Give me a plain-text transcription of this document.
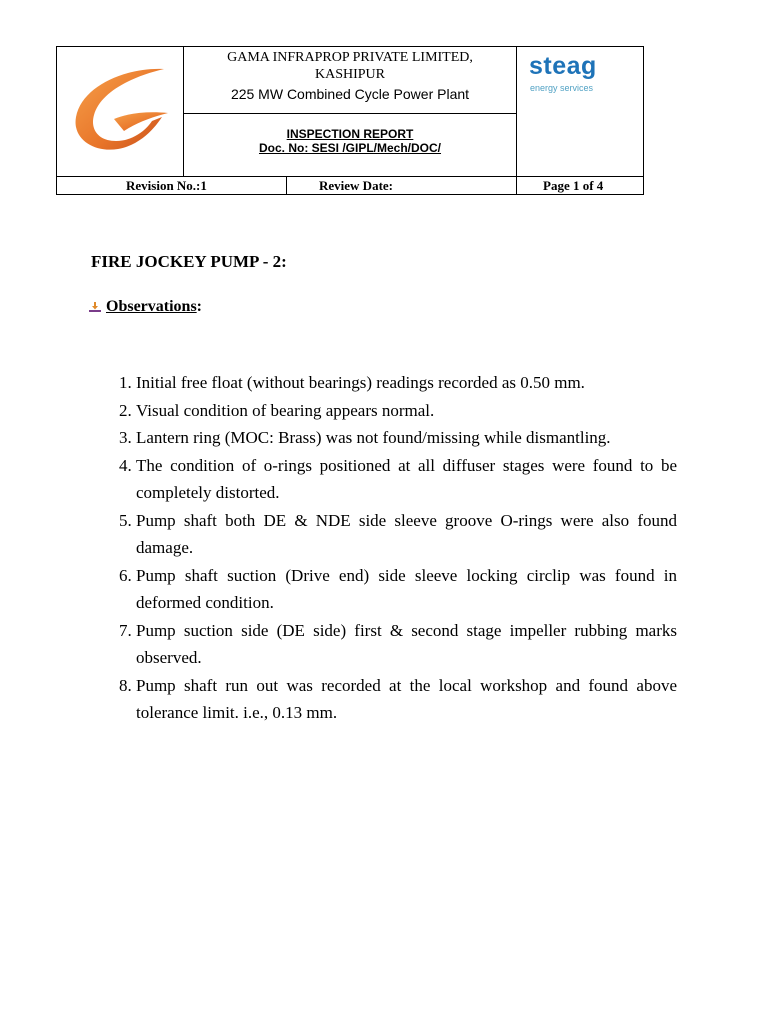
GAMA INFRAPROP PRIVATE LIMITED,
KASHIPUR
225 MW Combined Cycle Power Plant
INSPECTION REPORT
Doc. No: SESI /GIPL/Mech/DOC/
steag
energy services
Revision No.:1	Review Date:	Page 1 of 4
FIRE JOCKEY PUMP - 2:
Observations :
1. Initial free float (without bearings) readings recorded as 0.50 mm.
2. Visual condition of bearing appears normal.
3. Lantern ring (MOC: Brass) was not found/missing while dismantling.
4. The condition of o-rings positioned at all diffuser stages were found to be completely distorted.
5. Pump shaft both DE & NDE side sleeve groove O-rings were also found damage.
6. Pump shaft suction (Drive end) side sleeve locking circlip was found in deformed condition.
7. Pump suction side (DE side) first & second stage impeller rubbing marks observed.
8. Pump shaft run out was recorded at the local workshop and found above tolerance limit. i.e., 0.13 mm.
